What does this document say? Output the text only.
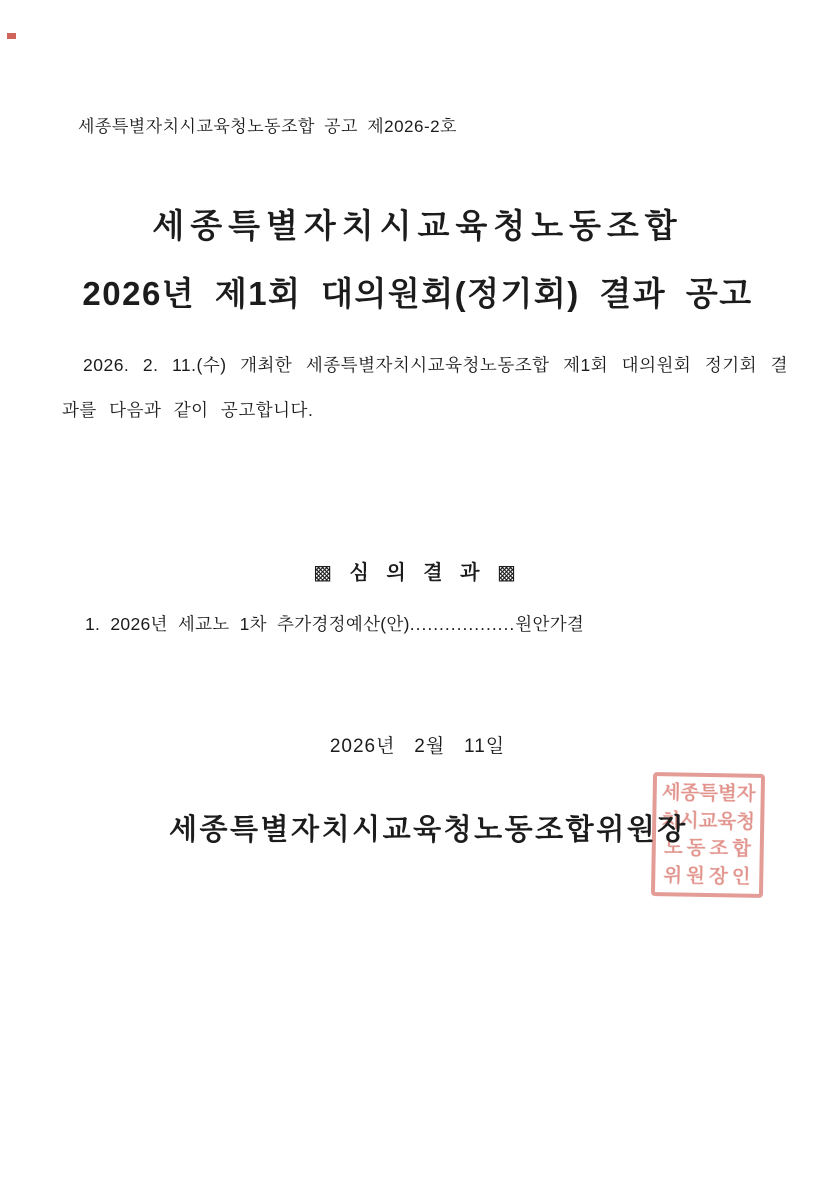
세종특별자치시교육청노동조합 공고 제2026-2호
세종특별자치시교육청노동조합
2026년 제1회 대의원회(정기회) 결과 공고
2026. 2. 11.(수) 개최한 세종특별자치시교육청노동조합 제1회 대의원회 정기회 결과를 다음과 같이 공고합니다.
▩ 심 의 결 과 ▩
1. 2026년 세교노 1차 추가경정예산(안)..................원안가결
2026년   2월   11일
세종특별자치시교육청노동조합위원장
세종특별자
치시교육청
노동조합
위원장인
